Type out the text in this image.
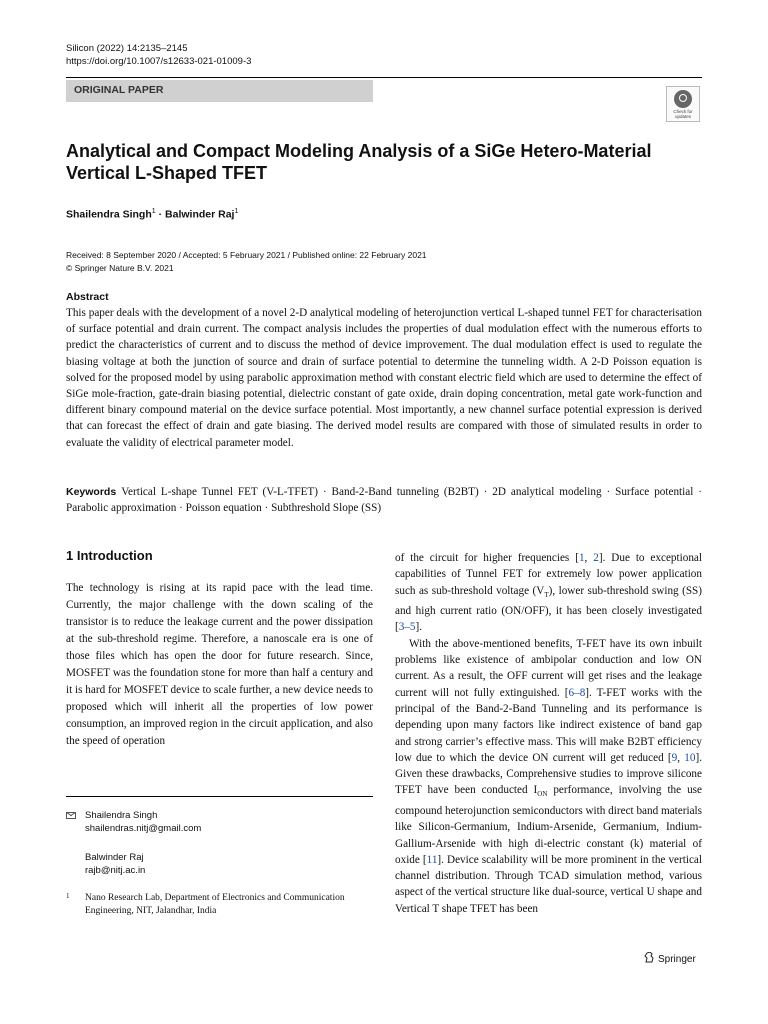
Silicon (2022) 14:2135–2145
https://doi.org/10.1007/s12633-021-01009-3
ORIGINAL PAPER
Check for updates
Analytical and Compact Modeling Analysis of a SiGe Hetero-Material Vertical L-Shaped TFET
Shailendra Singh$^1$ · Balwinder Raj$^1$
Received: 8 September 2020 / Accepted: 5 February 2021 / Published online: 22 February 2021
© Springer Nature B.V. 2021
Abstract
This paper deals with the development of a novel 2-D analytical modeling of heterojunction vertical L-shaped tunnel FET for characterisation of surface potential and drain current. The compact analysis includes the properties of dual modulation effect with the numerous efforts to predict the characteristics of current and to discuss the method of device improvement. The dual modulation effect is used to regulate the biasing voltage at both the junction of source and drain of surface potential to determine the tunneling width. A 2-D Poisson equation is solved for the proposed model by using parabolic approximation method with constant electric field which are used to determine the effect of SiGe mole-fraction, gate-drain biasing potential, dielectric constant of gate oxide, drain doping concentration, metal gate work-function and different binary compound material on the device surface potential. Most importantly, a new channel surface potential expression is derived that can forecast the effect of drain and gate biasing. The derived model results are compared with those of simulated results in order to evaluate the validity of electrical parameter model.
Keywords Vertical L-shape Tunnel FET (V-L-TFET) · Band-2-Band tunneling (B2BT) · 2D analytical modeling · Surface potential · Parabolic approximation · Poisson equation · Subthreshold Slope (SS)
1 Introduction
The technology is rising at its rapid pace with the lead time. Currently, the major challenge with the down scaling of the transistor is to reduce the leakage current and the power dissipation at the sub-threshold regime. Therefore, a nanoscale era is one of those files which has open the door for future research. Since, MOSFET was the foundation stone for more than half a century and it is hard for MOSFET device to scale further, a new device needs to proposed which will inherit all the properties of low power consumption, an improved region in the circuit application, and also the speed of operation

of the circuit for higher frequencies [1, 2]. Due to exceptional capabilities of Tunnel FET for extremely low power application such as sub-threshold voltage $(V_T)$, lower sub-threshold swing (SS) and high current ratio (ON/OFF), it has been closely investigated [3–5].

With the above-mentioned benefits, T-FET have its own inbuilt problems like existence of ambipolar conduction and low ON current. As a result, the OFF current will get rises and the leakage current will not fully extinguished. [6–8]. T-FET works with the principal of the Band-2-Band Tunneling and its performance is depending upon many factors like indirect existence of band gap and strong carrier’s effective mass. This will make B2BT efficiency low due to which the device ON current will get reduced [9, 10]. Given these drawbacks, Comprehensive studies to improve silicone TFET have been conducted $I_{ON}$ performance, involving the use compound heterojunction semiconductors with direct band materials like Silicon-Germanium, Indium-Arsenide, Germanium, Indium-Gallium-Arsenide with high di-electric constant (k) material of oxide [11]. Device scalability will be more prominent in the vertical channel distribution. Through TCAD simulation method, various aspect of the vertical structure like dual-source, vertical U shape and Vertical T shape TFET has been

Shailendra Singh
shailendras.nitj@gmail.com
Balwinder Raj
rajb@nitj.ac.in
1 Nano Research Lab, Department of Electronics and Communication Engineering, NIT, Jalandhar, India
Springer
